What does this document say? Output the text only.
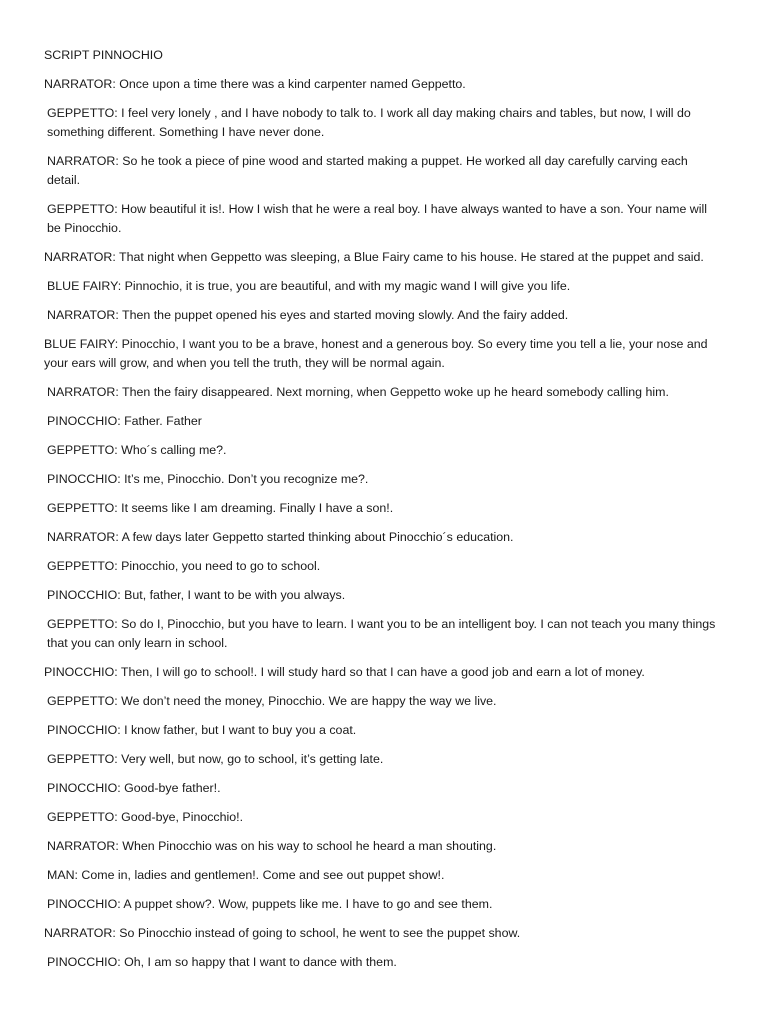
SCRIPT PINNOCHIO
NARRATOR: Once upon a time there was a kind carpenter named Geppetto.
GEPPETTO: I feel very lonely , and I have nobody to talk to. I work all day making chairs and tables, but now, I will do something different. Something I have never done.
NARRATOR: So he took a piece of pine wood and started making a puppet. He worked all day carefully carving each detail.
GEPPETTO: How beautiful it is!. How I wish that he were a real boy. I have always wanted to have a son. Your name will be Pinocchio.
NARRATOR: That night when Geppetto was sleeping, a Blue Fairy came to his house. He stared at the puppet and said.
BLUE FAIRY: Pinnochio, it is true, you are beautiful, and with my magic wand I will give you life.
NARRATOR: Then the puppet opened his eyes and started moving slowly. And the fairy added.
BLUE FAIRY: Pinocchio, I want you to be a brave, honest and a generous boy. So every time you tell a lie, your nose and your ears will grow, and when you tell the truth, they will be normal again.
NARRATOR: Then the fairy disappeared. Next morning, when Geppetto woke up he heard somebody calling him.
PINOCCHIO: Father. Father
GEPPETTO: Who´s calling me?.
PINOCCHIO: It’s me, Pinocchio. Don’t you recognize me?.
GEPPETTO: It seems like I am dreaming. Finally I have a son!.
NARRATOR: A few days later Geppetto started thinking about Pinocchio´s education.
GEPPETTO: Pinocchio, you need to go to school.
PINOCCHIO: But, father, I want to be with you always.
GEPPETTO: So do I, Pinocchio, but you have to learn. I want you to be an intelligent boy. I can not teach you many things that you can only learn in school.
PINOCCHIO: Then, I will go to school!. I will study hard so that I can have a good job and earn a lot of money.
GEPPETTO: We don’t need the money, Pinocchio. We are happy the way we live.
PINOCCHIO: I know father, but I want to buy you a coat.
GEPPETTO: Very well, but now, go to school, it’s getting late.
PINOCCHIO: Good-bye father!.
GEPPETTO: Good-bye, Pinocchio!.
NARRATOR: When Pinocchio was on his way to school he heard a man shouting.
MAN: Come in, ladies and gentlemen!. Come and see out puppet show!.
PINOCCHIO: A puppet show?. Wow, puppets like me. I have to go and see them.
NARRATOR: So Pinocchio instead of going to school, he went to see the puppet show.
PINOCCHIO: Oh, I am so happy that I want to dance with them.
